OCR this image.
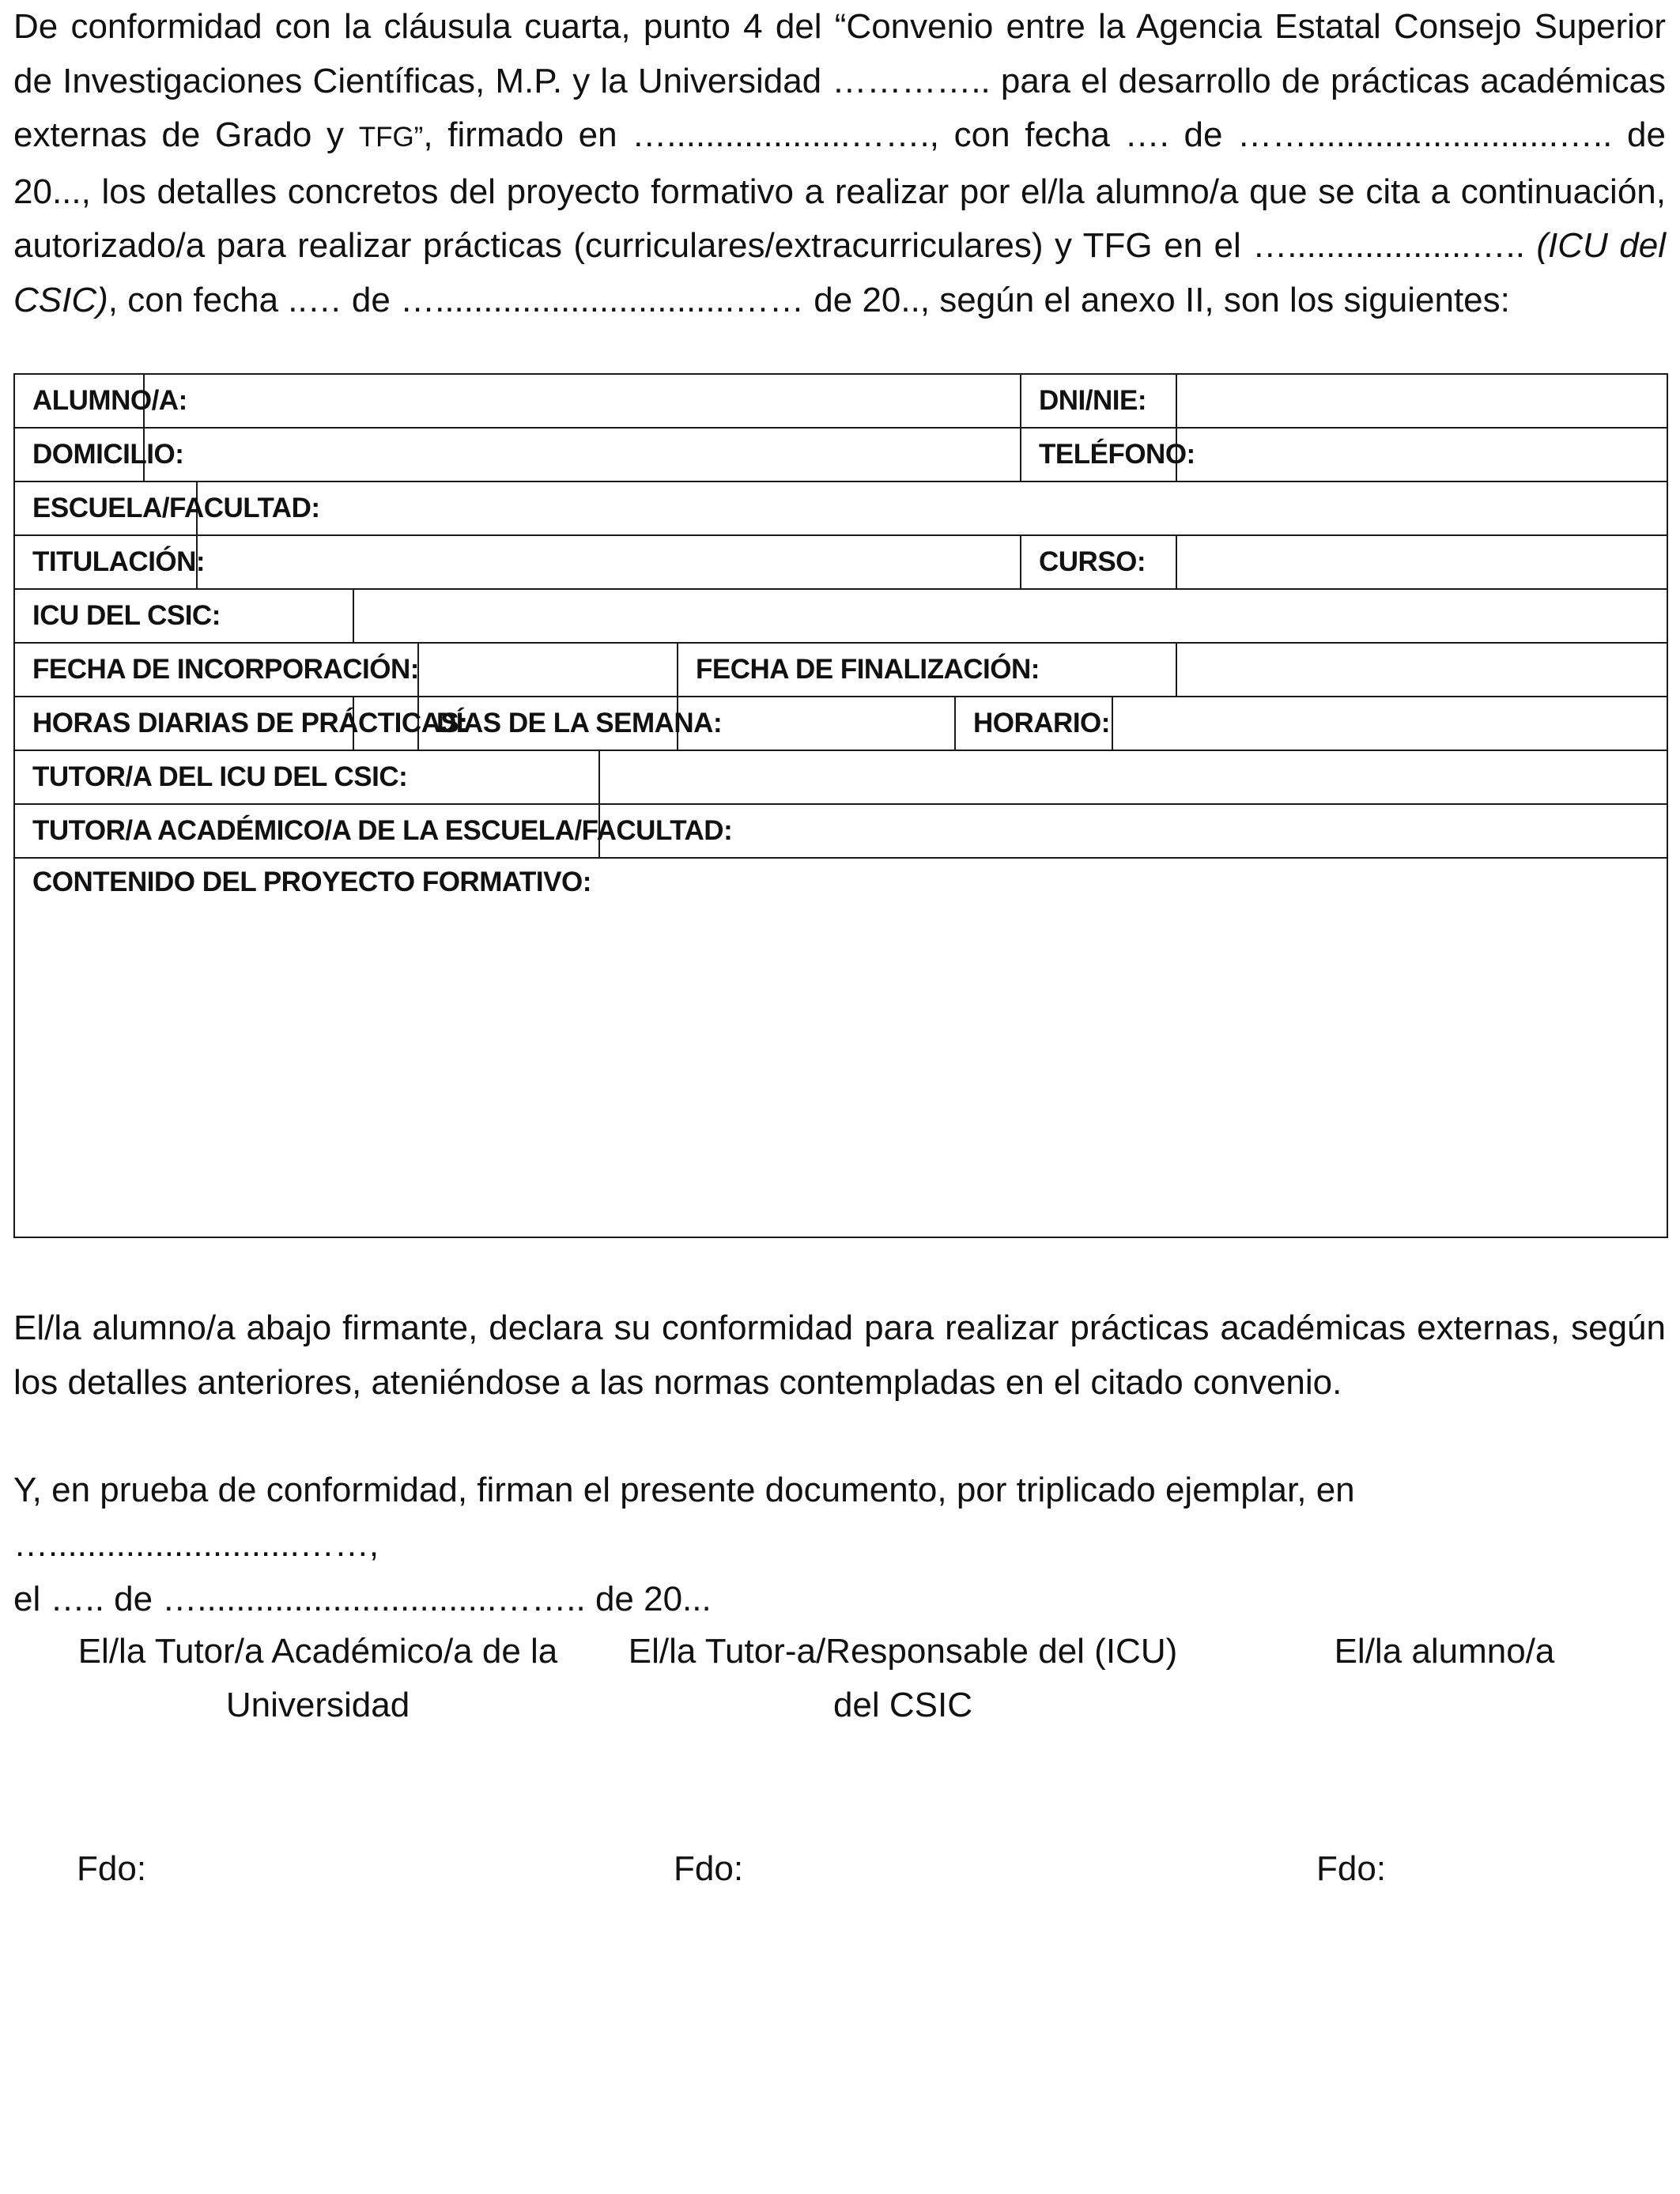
De conformidad con la cláusula cuarta, punto 4 del “Convenio entre la Agencia Estatal Consejo Superior de Investigaciones Científicas, M.P. y la Universidad ………….. para el desarrollo de prácticas académicas externas de Grado y TFG”, firmado en …...................……., con fecha …. de ……..........................….. de 20..., los detalles concretos del proyecto formativo a realizar por el/la alumno/a que se cita a continuación, autorizado/a para realizar prácticas (curriculares/extracurriculares) y TFG en el …...................….. (ICU del CSIC), con fecha ..… de …...............................…… de 20.., según el anexo II, son los siguientes:

ALUMNO/A:								DNI/NIE:		
DOMICILIO:								TELÉFONO:		
ESCUELA/FACULTAD:										
TITULACIÓN:								CURSO:		
ICU DEL CSIC:										
FECHA DE INCORPORACIÓN:						FECHA DE FINALIZACIÓN:				
HORAS DIARIAS DE PRÁCTICAS:				DÍAS DE LA SEMANA:			HORARIO:			
TUTOR/A DEL ICU DEL CSIC:										
TUTOR/A ACADÉMICO/A DE LA ESCUELA/FACULTAD:										
CONTENIDO DEL PROYECTO FORMATIVO:										

El/la alumno/a abajo firmante, declara su conformidad para realizar prácticas académicas externas, según los detalles anteriores, ateniéndose a las normas contempladas en el citado convenio.

Y, en prueba de conformidad, firman el presente documento, por triplicado ejemplar, en …..........................……,
el ….. de …...............................…….. de 20...
El/la Tutor/a Académico/a de la
Universidad
El/la Tutor-a/Responsable del (ICU)
del CSIC
El/la alumno/a
Fdo:	Fdo:	Fdo:
